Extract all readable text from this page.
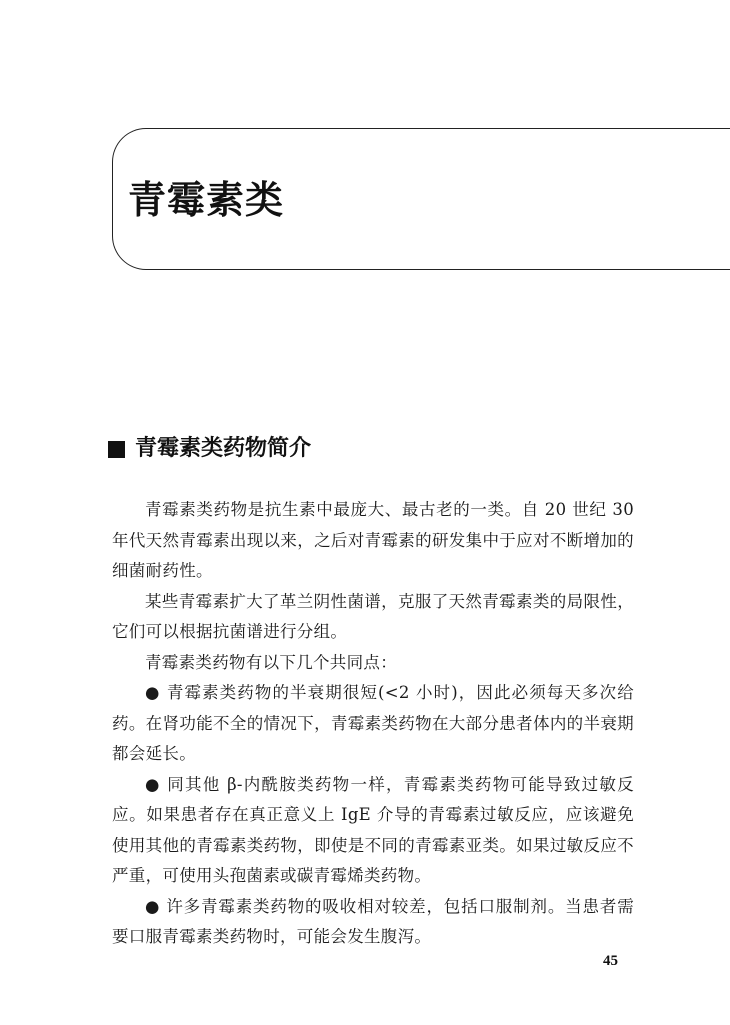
青霉素类
青霉素类药物简介

青霉素类药物是抗生素中最庞大、最古老的一类。自 20 世纪 30 年代天然青霉素出现以来，之后对青霉素的研发集中于应对不断增加的细菌耐药性。

某些青霉素扩大了革兰阴性菌谱，克服了天然青霉素类的局限性，它们可以根据抗菌谱进行分组。

青霉素类药物有以下几个共同点：

● 青霉素类药物的半衰期很短(<2 小时)，因此必须每天多次给药。在肾功能不全的情况下，青霉素类药物在大部分患者体内的半衰期都会延长。

● 同其他 β-内酰胺类药物一样，青霉素类药物可能导致过敏反应。如果患者存在真正意义上 IgE 介导的青霉素过敏反应，应该避免使用其他的青霉素类药物，即使是不同的青霉素亚类。如果过敏反应不严重，可使用头孢菌素或碳青霉烯类药物。

● 许多青霉素类药物的吸收相对较差，包括口服制剂。当患者需要口服青霉素类药物时，可能会发生腹泻。

45
